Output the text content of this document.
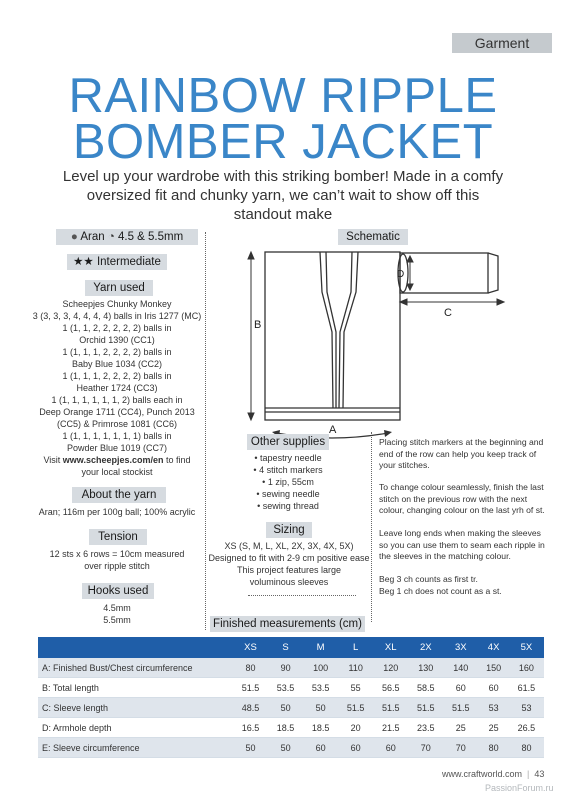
Garment
RAINBOW RIPPLE
BOMBER JACKET
Level up your wardrobe with this striking bomber! Made in a comfy oversized fit and chunky yarn, we can’t wait to show off this standout make
● Aran ◔ 4.5 & 5.5mm
★★ Intermediate
Yarn used
Scheepjes Chunky Monkey
3 (3, 3, 3, 4, 4, 4, 4) balls in Iris 1277 (MC)
1 (1, 1, 2, 2, 2, 2, 2) balls in
Orchid 1390 (CC1)
1 (1, 1, 1, 2, 2, 2, 2) balls in
Baby Blue 1034 (CC2)
1 (1, 1, 1, 2, 2, 2, 2) balls in
Heather 1724 (CC3)
1 (1, 1, 1, 1, 1, 1, 2) balls each in
Deep Orange 1711 (CC4), Punch 2013
(CC5) & Primrose 1081 (CC6)
1 (1, 1, 1, 1, 1, 1, 1) balls in
Powder Blue 1019 (CC7)
Visit www.scheepjes.com/en to find
your local stockist
About the yarn
Aran; 116m per 100g ball; 100% acrylic
Tension
12 sts x 6 rows = 10cm measured
over ripple stitch
Hooks used
4.5mm
5.5mm
Schematic
B
A
C
D
Other supplies
• tapestry needle
• 4 stitch markers
• 1 zip, 55cm
• sewing needle
• sewing thread
Sizing
XS (S, M, L, XL, 2X, 3X, 4X, 5X)
Designed to fit with 2-9 cm positive ease
This project features large
voluminous sleeves
Placing stitch markers at the beginning and end of the row can help you keep track of your stitches.
To change colour seamlessly, finish the last stitch on the previous row with the next colour, changing colour on the last yrh of st.
Leave long ends when making the sleeves so you can use them to seam each ripple in the sleeves in the matching colour.
Beg 3 ch counts as first tr.
Beg 1 ch does not count as a st.
Finished measurements (cm)
	XS	S	M	L	XL	2X	3X	4X	5X
A: Finished Bust/Chest circumference	80	90	100	110	120	130	140	150	160
B: Total length	51.5	53.5	53.5	55	56.5	58.5	60	60	61.5
C: Sleeve length	48.5	50	50	51.5	51.5	51.5	51.5	53	53
D: Armhole depth	16.5	18.5	18.5	20	21.5	23.5	25	25	26.5
E: Sleeve circumference	50	50	60	60	60	70	70	80	80
www.craftworld.com  |  43
PassionForum.ru
